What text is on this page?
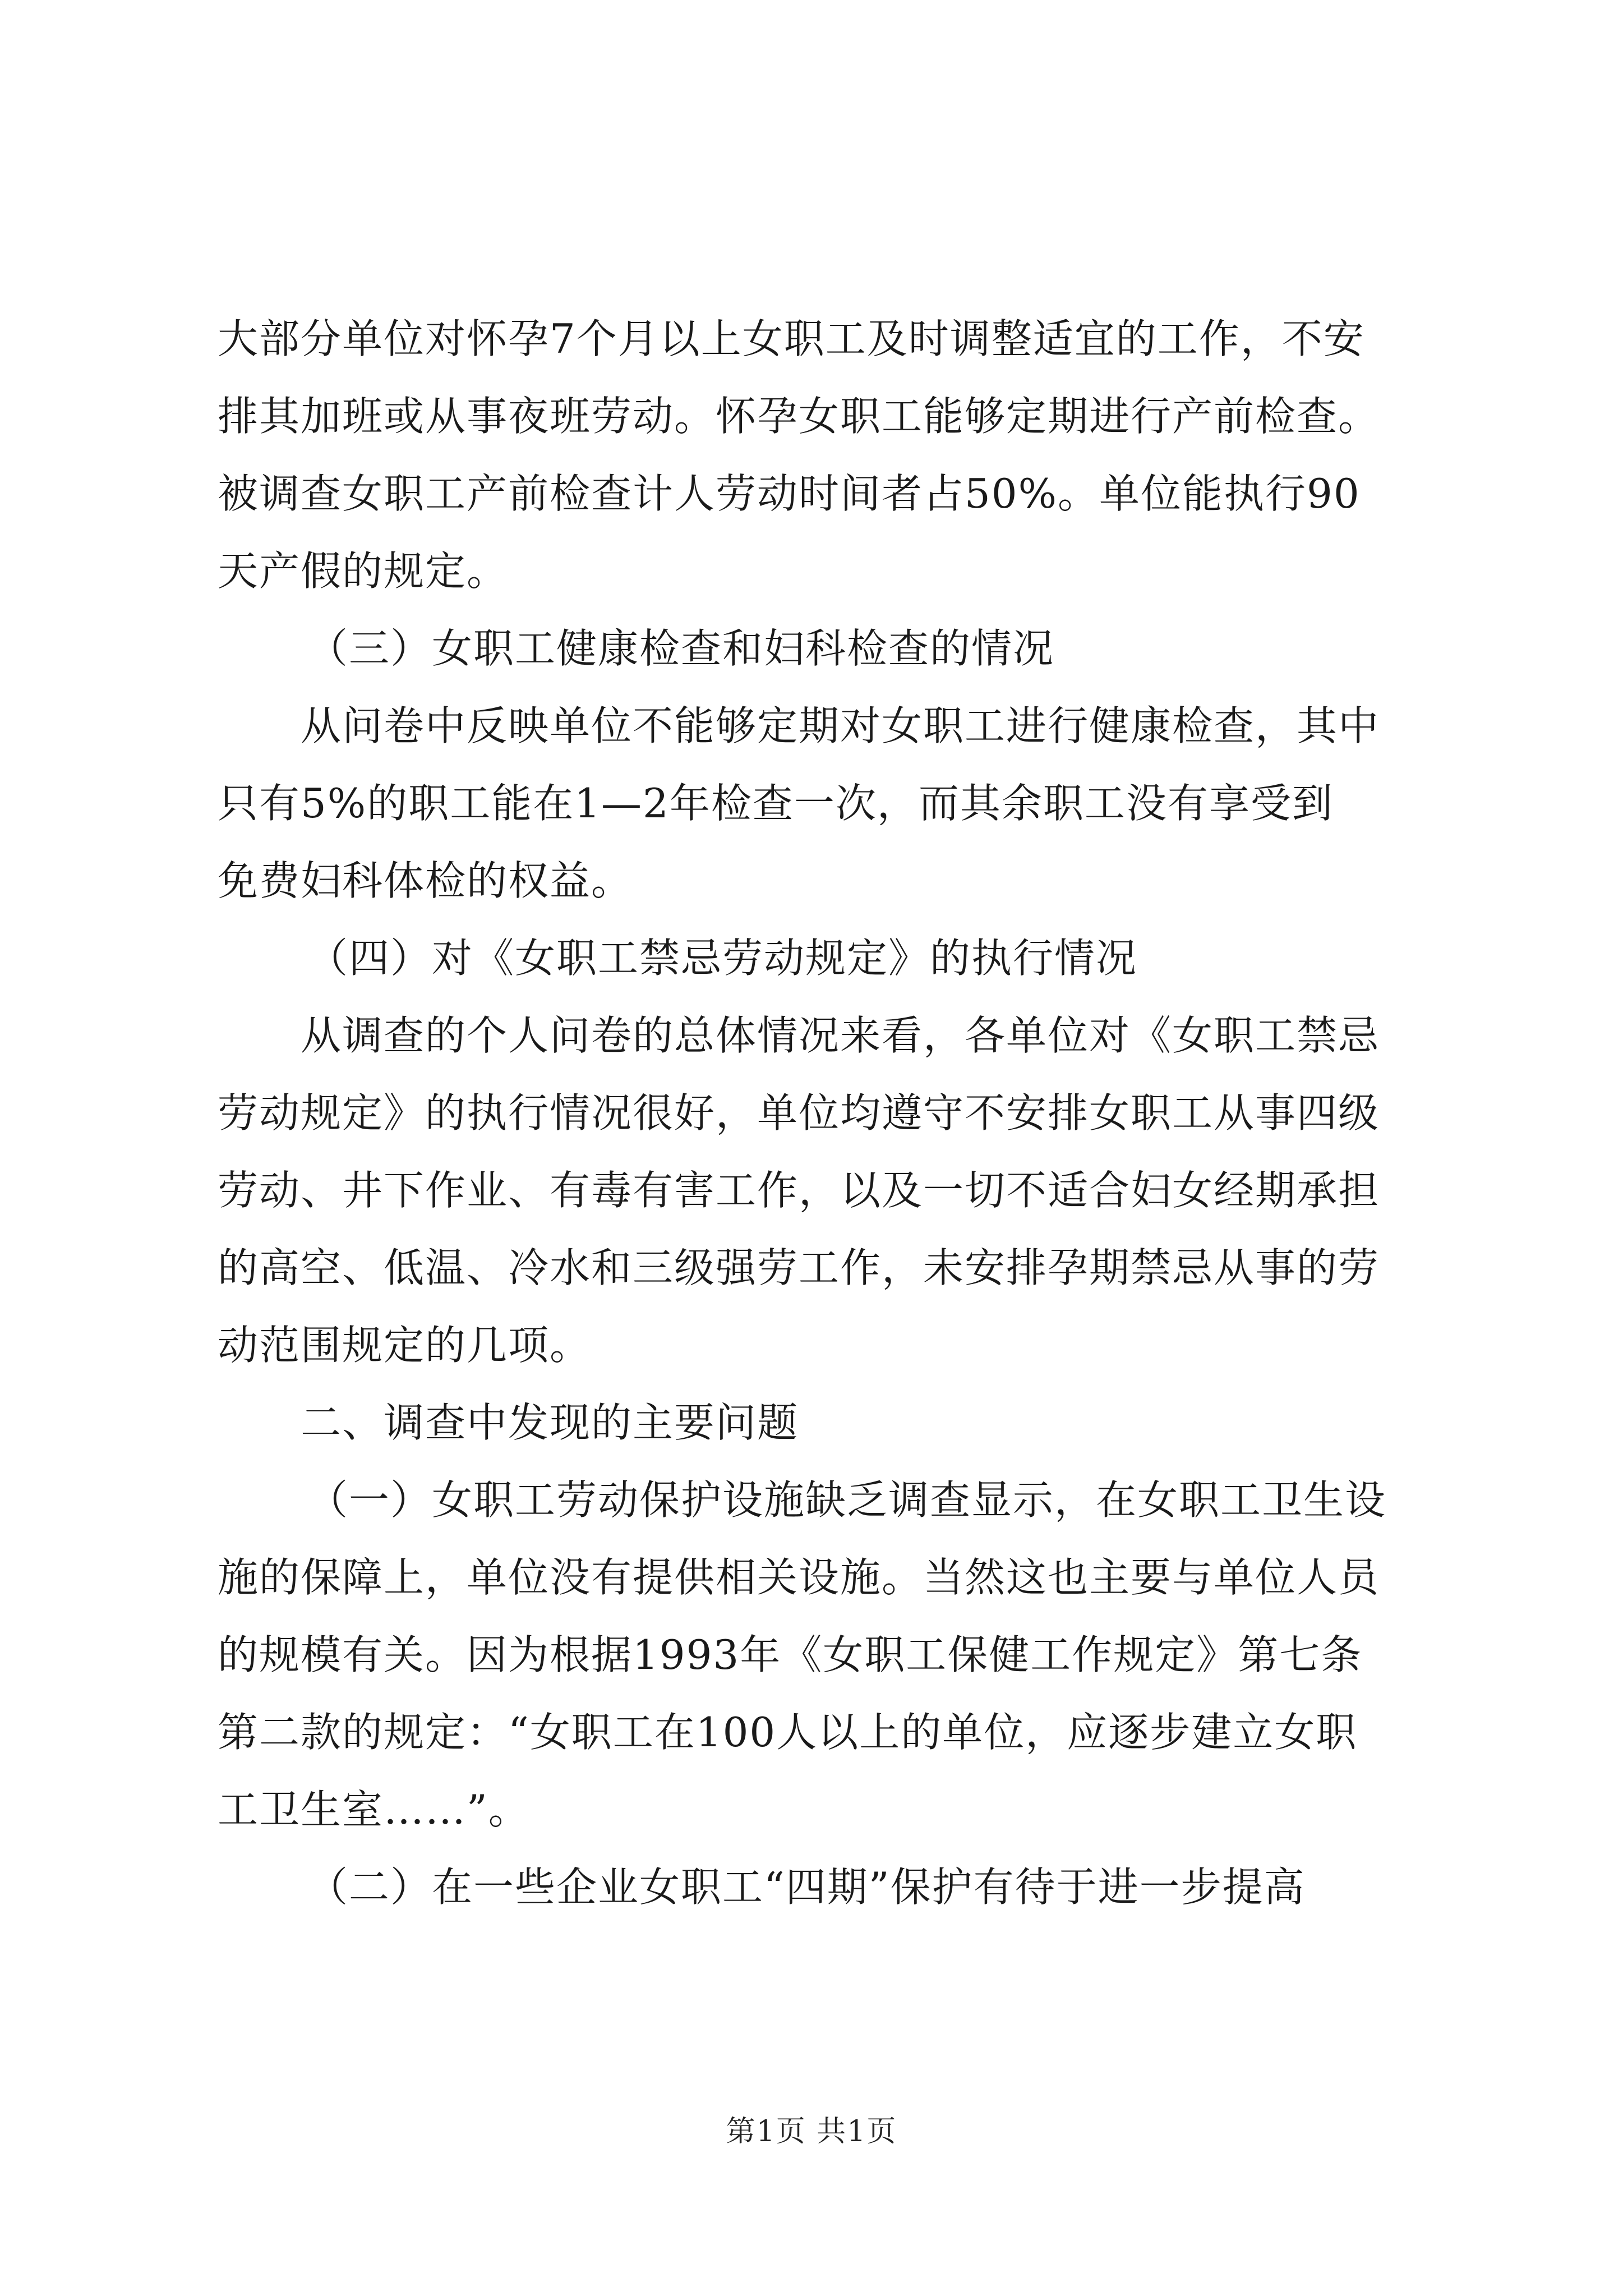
大部分单位对怀孕7个月以上女职工及时调整适宜的工作，不安
排其加班或从事夜班劳动。怀孕女职工能够定期进行产前检查。
被调查女职工产前检查计人劳动时间者占50%。单位能执行90
天产假的规定。
（三）女职工健康检查和妇科检查的情况
从问卷中反映单位不能够定期对女职工进行健康检查，其中
只有5%的职工能在1—2年检查一次，而其余职工没有享受到
免费妇科体检的权益。
（四）对《女职工禁忌劳动规定》的执行情况
从调查的个人问卷的总体情况来看，各单位对《女职工禁忌
劳动规定》的执行情况很好，单位均遵守不安排女职工从事四级
劳动、井下作业、有毒有害工作，以及一切不适合妇女经期承担
的高空、低温、冷水和三级强劳工作，未安排孕期禁忌从事的劳
动范围规定的几项。
二、调查中发现的主要问题
（一）女职工劳动保护设施缺乏调查显示，在女职工卫生设
施的保障上，单位没有提供相关设施。当然这也主要与单位人员
的规模有关。因为根据1993年《女职工保健工作规定》第七条
第二款的规定：“女职工在100人以上的单位，应逐步建立女职
工卫生室……”。
（二）在一些企业女职工“四期”保护有待于进一步提高
第1页 共1页
